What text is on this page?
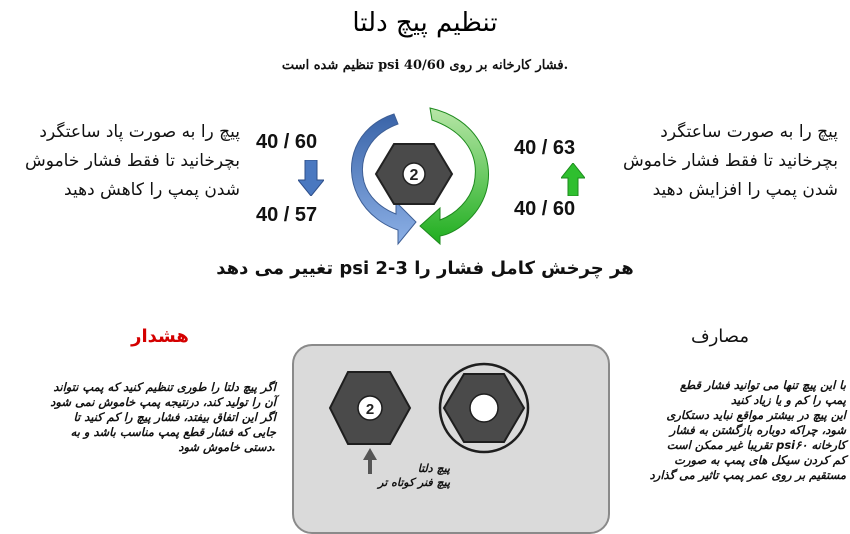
تنظیم پیچ دلتا
.فشار کارخانه بر روی psi 40/60 تنظیم شده است
پیچ را به صورت پاد ساعتگرد
بچرخانید تا فقط فشار خاموش
شدن پمپ را کاهش دهید
پیچ را به صورت ساعتگرد
بچرخانید تا فقط فشار خاموش
شدن پمپ را افزایش دهید
40 / 60
40 / 57
40 / 63
40 / 60
2
هر چرخش کامل فشار را psi 2-3 تغییر می دهد
هشدار
اگر پیچ دلتا را طوری تنظیم کنید که پمپ نتواند
آن را تولید کند، درنتیجه پمپ خاموش نمی شود
اگر این اتفاق بیفتد، فشار پیچ را کم کنید تا
جایی که فشار قطع پمپ مناسب باشد و به
.دستی خاموش شود
مصارف
با این پیچ تنها می توانید فشار قطع
پمپ را کم و یا زیاد کنید
این پیچ در بیشتر مواقع نباید دستکاری
شود، چراکه دوباره بازگشتن به فشار
کارخانه psi۶۰ تقریبا غیر ممکن است
کم کردن سیکل های پمپ به صورت
مستقیم بر روی عمر پمپ تاثیر می گذارد
2
پیچ دلتا
پیچ فنر کوتاه تر
